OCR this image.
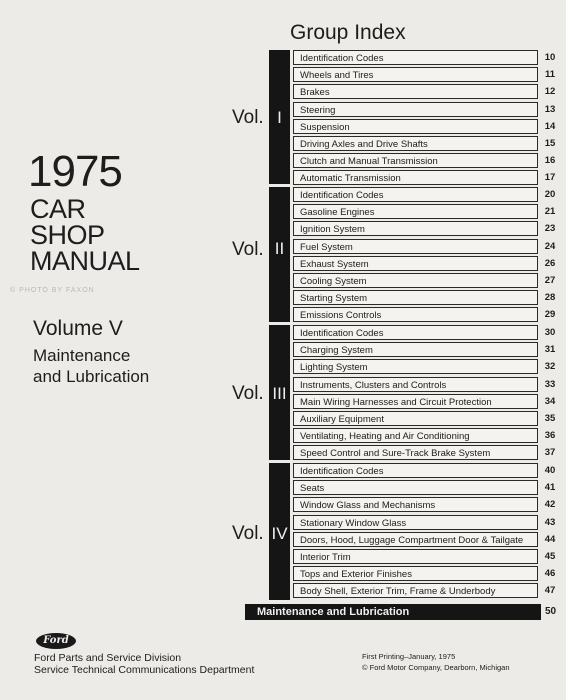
1975
CAR
SHOP
MANUAL
© PHOTO BY FAXON
Volume V
Maintenance
and Lubrication
Group Index
Vol.
Vol.
Vol.
Vol.
I
II
III
IV
Identification Codes	10
Wheels and Tires	11
Brakes	12
Steering	13
Suspension	14
Driving Axles and Drive Shafts	15
Clutch and Manual Transmission	16
Automatic Transmission	17
Identification Codes	20
Gasoline Engines	21
Ignition System	23
Fuel System	24
Exhaust System	26
Cooling System	27
Starting System	28
Emissions Controls	29
Identification Codes	30
Charging System	31
Lighting System	32
Instruments, Clusters and Controls	33
Main Wiring Harnesses and Circuit Protection	34
Auxiliary Equipment	35
Ventilating, Heating and Air Conditioning	36
Speed Control and Sure-Track Brake System	37
Identification Codes	40
Seats	41
Window Glass and Mechanisms	42
Stationary Window Glass	43
Doors, Hood, Luggage Compartment Door & Tailgate	44
Interior Trim	45
Tops and Exterior Finishes	46
Body Shell, Exterior Trim, Frame & Underbody	47
Maintenance and Lubrication	50
Ford
Ford Parts and Service Division
Service Technical Communications Department
First Printing–January, 1975
© Ford Motor Company, Dearborn, Michigan
